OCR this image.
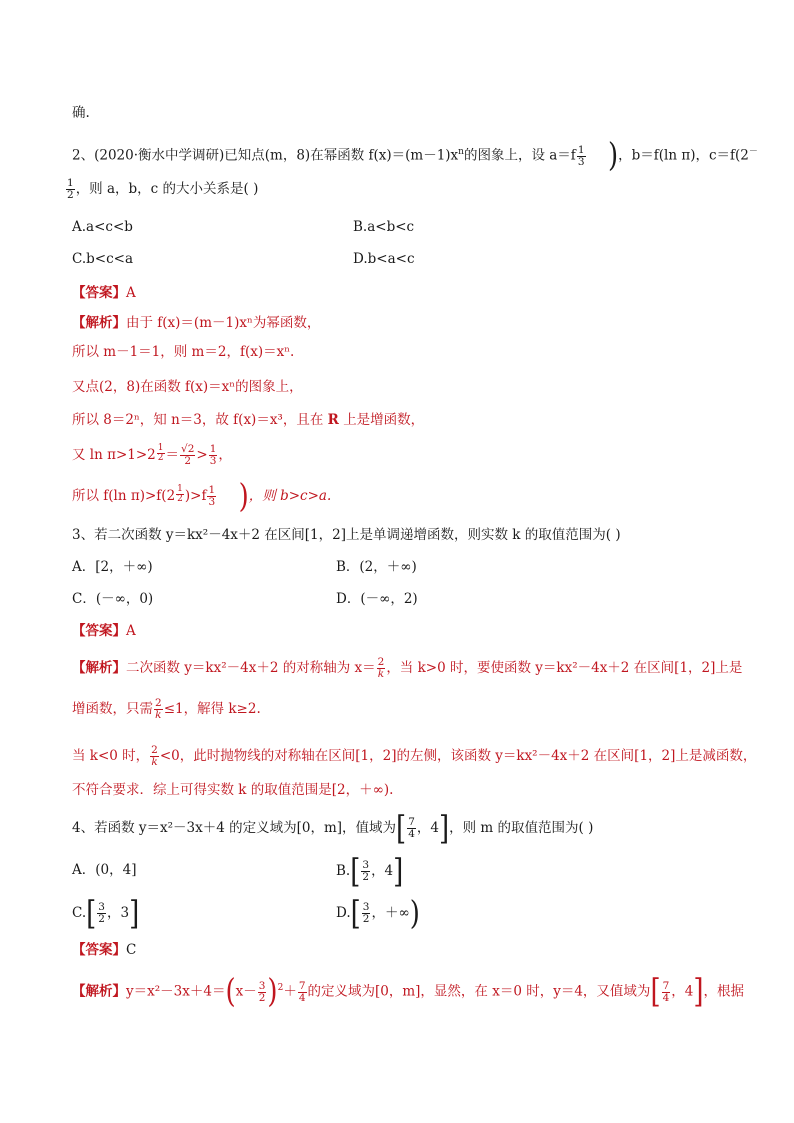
确.
2、(2020·衡水中学调研)已知点(m，8)在幂函数 $f(x)=(m-1)x^n$的图象上，设 $a=f \frac{1}{3}$ )，b＝f(ln π)，c＝f(2－
$\frac{1}{2}$ ，则 a，b，c 的大小关系是( )
A.a<c<b	B.a<b<c
C.b<c<a	D.b<a<c
【答案】A
【解析】由于 f(x)＝(m－1)xⁿ为幂函数，
所以 m－1＝1，则 m＝2，f(x)＝xⁿ.
又点(2，8)在函数 f(x)＝xⁿ的图象上，
所以 8＝2ⁿ，知 n＝3，故 f(x)＝x³，且在 R 上是增函数，
又 $\ln \pi>1>2 \frac{1}{2} = \frac{√2}{2} > \frac{1}{3}$ ，
所以 f(ln $\pi)>f(2 \frac{1}{2} )>f \frac{1}{3}$ )，则 b>c>a.
3、若二次函数 y＝kx²－4x＋2 在区间[1，2]上是单调递增函数，则实数 k 的取值范围为( )
A．[2，＋∞)	B．(2，＋∞)
C．(－∞，0)	D．(－∞，2)
【答案】A
【解析】二次函数 y＝kx²－4x＋2 的对称轴为 $x= \frac{2}{k}$ ，当 k>0 时，要使函数 y＝kx²－4x＋2 在区间[1，2]上是
增函数，只需 $\frac{2}{k} \le 1$，解得 k≥2.
当 k<0 时， $\frac{2}{k} <0$，此时抛物线的对称轴在区间[1，2]的左侧，该函数 y＝kx²－4x＋2 在区间[1，2]上是减函数，
不符合要求．综上可得实数 k 的取值范围是[2，＋∞).
4、若函数 y＝x²－3x＋4 的定义域为[0，m]，值域为[ $\frac{7}{4}$ ，4]，则 m 的取值范围为( )
A．(0，4]	$B.[ \frac{3}{2}$ ，4]
$C.[ \frac{3}{2}$ ，3]	$D.[ \frac{3}{2}$ ，＋∞)
【答案】C
【解析】$y=x^2-3x+4=(x- \frac{3}{2} )^2+ \frac{7}{4}$ 的定义域为[0，m]，显然，在 x＝0 时，y＝4，又值域为[ $\frac{7}{4}$ ，4]，根据
